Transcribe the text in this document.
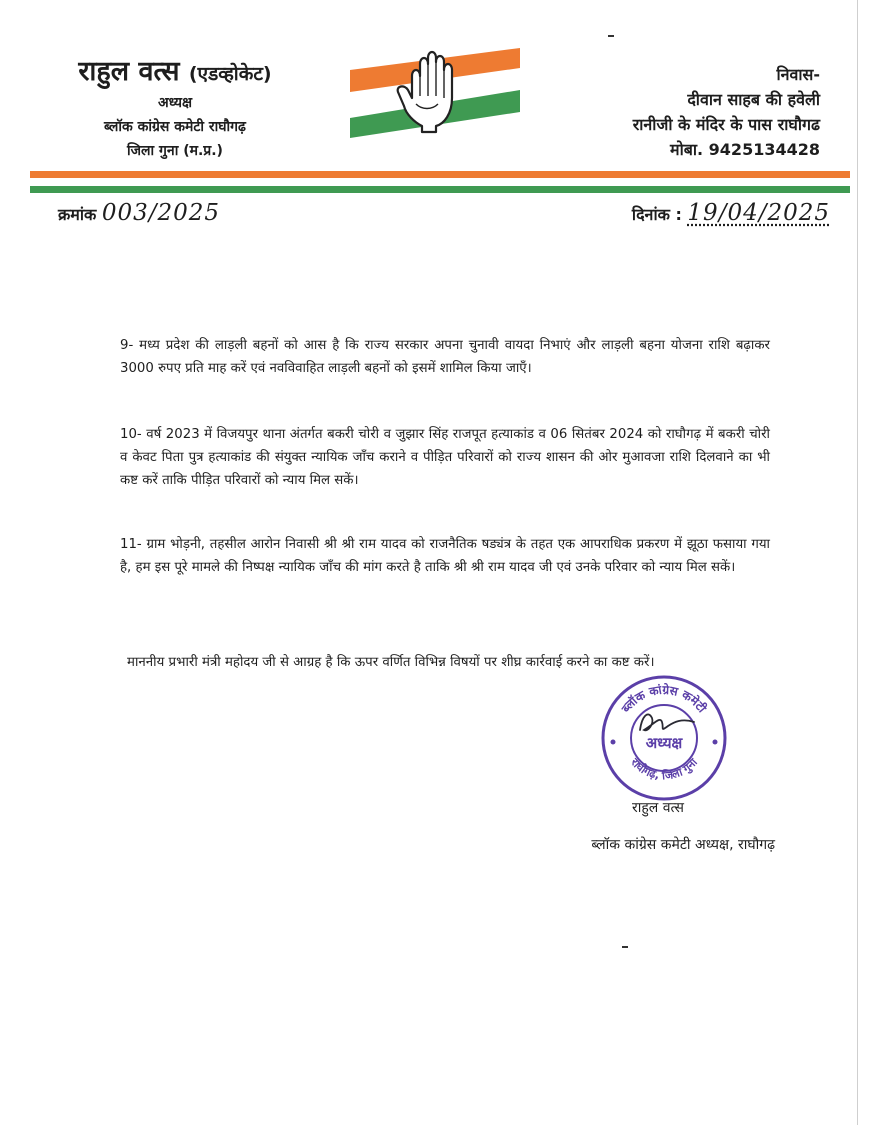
राहुल वत्स (एडव्होकेट)
अध्यक्ष
ब्लॉक कांग्रेस कमेटी राघौगढ़
जिला गुना (म.प्र.)
निवास-
दीवान साहब की हवेली
रानीजी के मंदिर के पास राघौगढ
मोबा. 9425134428
क्रमांक 003/2025	दिनांक : 19/04/2025

9- मध्य प्रदेश की लाड़ली बहनों को आस है कि राज्य सरकार अपना चुनावी वायदा निभाएं और लाड़ली बहना योजना राशि बढ़ाकर 3000 रुपए प्रति माह करें एवं नवविवाहित लाड़ली बहनों को इसमें शामिल किया जाएँ।

10- वर्ष 2023 में विजयपुर थाना अंतर्गत बकरी चोरी व जुझार सिंह राजपूत हत्याकांड व 06 सितंबर 2024 को राघौगढ़ में बकरी चोरी व केवट पिता पुत्र हत्याकांड की संयुक्त न्यायिक जाँच कराने व पीड़ित परिवारों को राज्य शासन की ओर मुआवजा राशि दिलवाने का भी कष्ट करें ताकि पीड़ित परिवारों को न्याय मिल सकें।

11- ग्राम भोड़नी, तहसील आरोन निवासी श्री श्री राम यादव को राजनैतिक षड्यंत्र के तहत एक आपराधिक प्रकरण में झूठा फसाया गया है, हम इस पूरे मामले की निष्पक्ष न्यायिक जाँच की मांग करते है ताकि श्री श्री राम यादव जी एवं उनके परिवार को न्याय मिल सकें।

माननीय प्रभारी मंत्री महोदय जी से आग्रह है कि ऊपर वर्णित विभिन्न विषयों पर शीघ्र कार्रवाई करने का कष्ट करें।

ब्लॉक कांग्रेस कमेटी
राघौगढ़, जिला गुना
अध्यक्ष
राहुल वत्स
ब्लॉक कांग्रेस कमेटी अध्यक्ष, राघौगढ़
